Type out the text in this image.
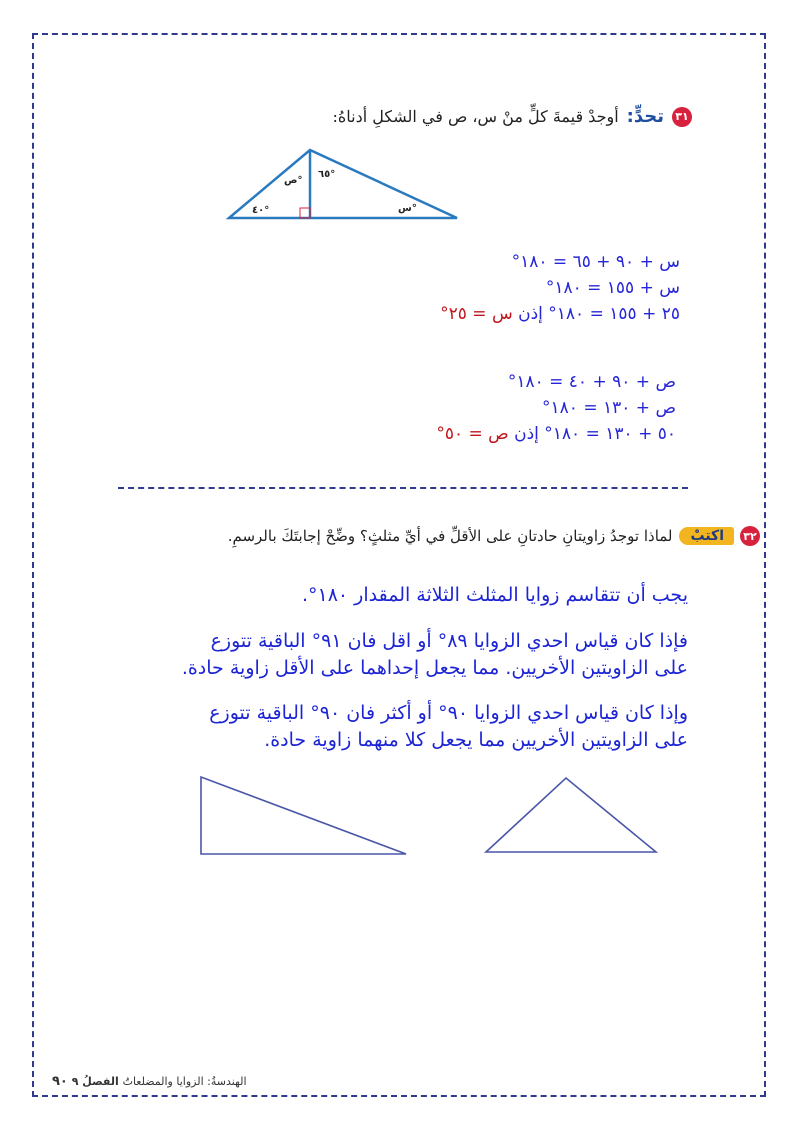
٣١
تحدٍّ:
أوجدْ قيمةَ كلٍّ منْ س، ص في الشكلِ أدناهُ:
ص°
٦٥°
٤٠°	س°
س + ٩٠ + ٦٥ = ١٨٠°
س + ١٥٥ = ١٨٠°
٢٥ + ١٥٥ = ١٨٠° إذن س = ٢٥°
ص + ٩٠ + ٤٠ = ١٨٠°
ص + ١٣٠ = ١٨٠°
٥٠ + ١٣٠ = ١٨٠° إذن ص = ٥٠°
٣٢
اكتبْ
لماذا توجدُ زاويتانِ حادتانِ على الأقلِّ في أيِّ مثلثٍ؟ وضِّحْ إجابتَكَ بالرسمِ.
يجب أن تتقاسم زوايا المثلث الثلاثة المقدار ١٨٠°.
فإذا كان قياس احدي الزوايا ٨٩° أو اقل فان ٩١° الباقية تتوزع
على الزاويتين الأخريين. مما يجعل إحداهما على الأقل زاوية حادة.
وإذا كان قياس احدي الزوايا ٩٠° أو أكثر فان ٩٠° الباقية تتوزع
على الزاويتين الأخريين مما يجعل كلا منهما زاوية حادة.
الهندسةُ: الزوايا والمضلعاتُ الفصلُ ٩ ٩٠
